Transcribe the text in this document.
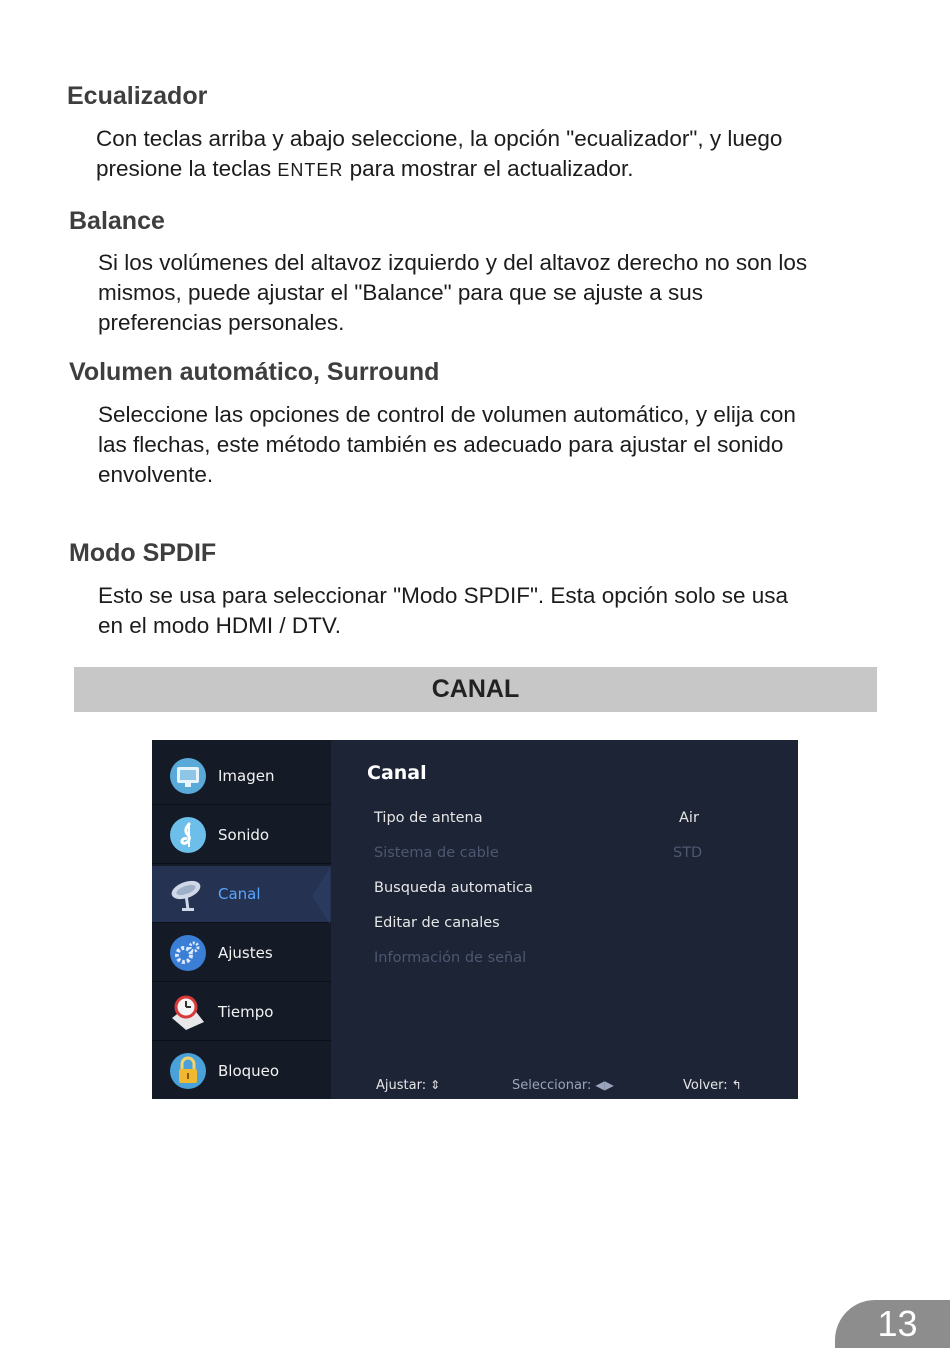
Ecualizador

Con teclas arriba y abajo seleccione, la opción "ecualizador", y luego
presione la teclas ENTER para mostrar el actualizador.

Balance

Si los volúmenes del altavoz izquierdo y del altavoz derecho no son los
mismos, puede ajustar el "Balance" para que se ajuste a sus
preferencias personales.

Volumen automático, Surround

Seleccione las opciones de control de volumen automático, y elija con
las flechas, este método también es adecuado para ajustar el sonido
envolvente.

Modo SPDIF

Esto se usa para seleccionar "Modo SPDIF". Esta opción solo se usa
en el modo HDMI / DTV.

CANAL
Imagen
Sonido
Canal
Ajustes
Tiempo
Bloqueo
Canal
Tipo de antena	Air
Sistema de cable	STD
Busqueda automatica
Editar de canales
Información de señal
Ajustar: ⇕	Seleccionar: ◀▶	Volver: ↰
13
